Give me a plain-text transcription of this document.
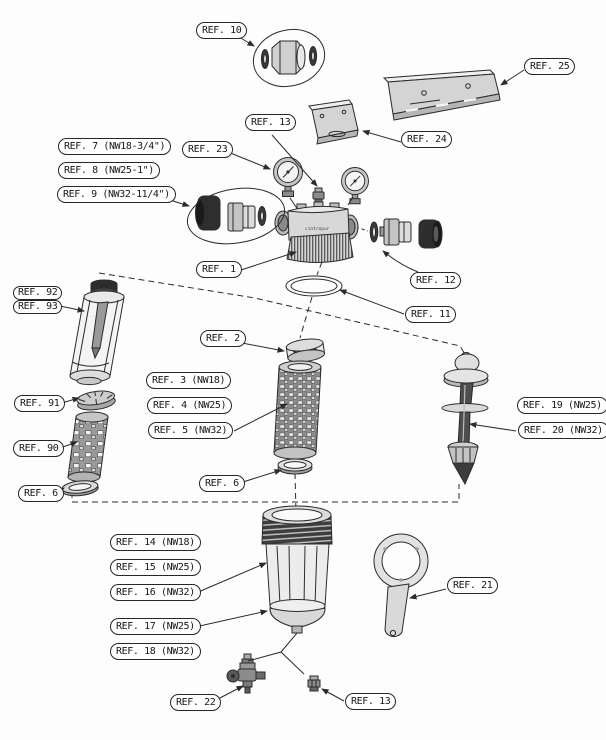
cintropur
REF. 10
REF. 25
REF. 13
REF. 24
REF. 23
REF. 7 (NW18-3/4")
REF. 8 (NW25-1")
REF. 9 (NW32-11/4")
REF. 1
REF. 12
REF. 11
REF. 92
REF. 93
REF. 2
REF. 3 (NW18)
REF. 4 (NW25)
REF. 5 (NW32)
REF. 91
REF. 90
REF. 6
REF. 6
REF. 19 (NW25)
REF. 20 (NW32)
REF. 14 (NW18)
REF. 15 (NW25)
REF. 16 (NW32)
REF. 17 (NW25)
REF. 18 (NW32)
REF. 21
REF. 22	REF. 13
